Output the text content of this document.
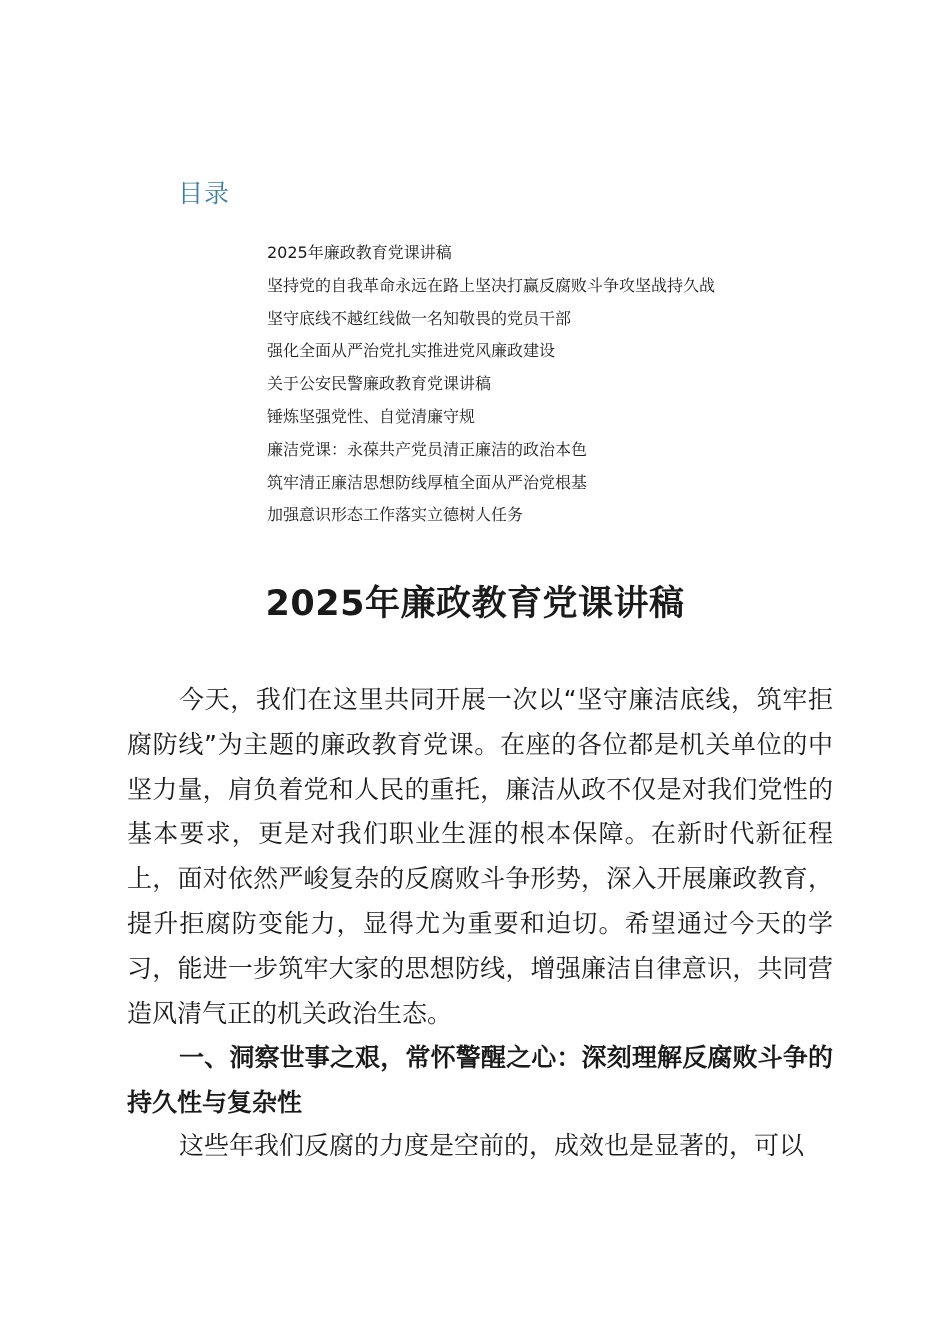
目录
2025年廉政教育党课讲稿
坚持党的自我革命永远在路上坚决打赢反腐败斗争攻坚战持久战
坚守底线不越红线做一名知敬畏的党员干部
强化全面从严治党扎实推进党风廉政建设
关于公安民警廉政教育党课讲稿
锤炼坚强党性、自觉清廉守规
廉洁党课：永葆共产党员清正廉洁的政治本色
筑牢清正廉洁思想防线厚植全面从严治党根基
加强意识形态工作落实立德树人任务
2025年廉政教育党课讲稿

今天，我们在这里共同开展一次以“坚守廉洁底线，筑牢拒腐防线”为主题的廉政教育党课。在座的各位都是机关单位的中坚力量，肩负着党和人民的重托，廉洁从政不仅是对我们党性的基本要求，更是对我们职业生涯的根本保障。在新时代新征程上，面对依然严峻复杂的反腐败斗争形势，深入开展廉政教育，提升拒腐防变能力，显得尤为重要和迫切。希望通过今天的学习，能进一步筑牢大家的思想防线，增强廉洁自律意识，共同营造风清气正的机关政治生态。

一、洞察世事之艰，常怀警醒之心：深刻理解反腐败斗争的持久性与复杂性

这些年我们反腐的力度是空前的，成效也是显著的，可以
